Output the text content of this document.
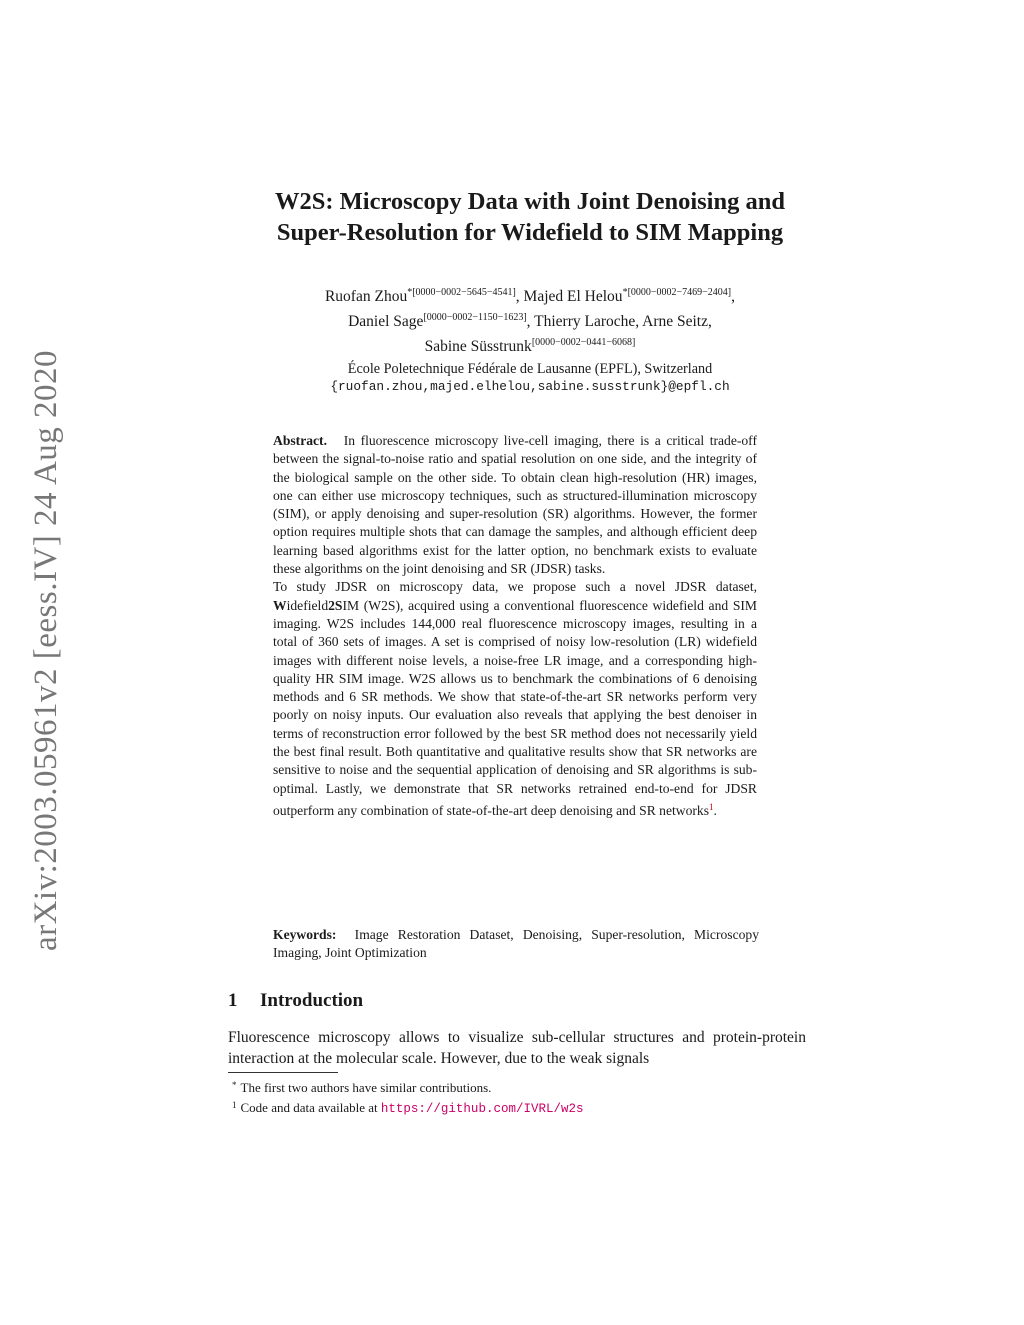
arXiv:2003.05961v2 [eess.IV] 24 Aug 2020
W2S: Microscopy Data with Joint Denoising and
Super-Resolution for Widefield to SIM Mapping
Ruofan Zhou$^{*[0000-0002-5645-4541]}$, Majed El Helou$^{*[0000-0002-7469-2404]}$,
Daniel Sage[0000−0002−1150−1623], Thierry Laroche, Arne Seitz,
Sabine Süsstrunk[0000−0002−0441−6068]
École Poletechnique Fédérale de Lausanne (EPFL), Switzerland
{ruofan.zhou,majed.elhelou,sabine.susstrunk}@epfl.ch

Abstract. In fluorescence microscopy live-cell imaging, there is a critical trade-off between the signal-to-noise ratio and spatial resolution on one side, and the integrity of the biological sample on the other side. To obtain clean high-resolution (HR) images, one can either use microscopy techniques, such as structured-illumination microscopy (SIM), or apply denoising and super-resolution (SR) algorithms. However, the former option requires multiple shots that can damage the samples, and although efficient deep learning based algorithms exist for the latter option, no benchmark exists to evaluate these algorithms on the joint denoising and SR (JDSR) tasks.

To study JDSR on microscopy data, we propose such a novel JDSR dataset, Widefield2SIM (W2S), acquired using a conventional fluorescence widefield and SIM imaging. W2S includes 144,000 real fluorescence microscopy images, resulting in a total of 360 sets of images. A set is comprised of noisy low-resolution (LR) widefield images with different noise levels, a noise-free LR image, and a corresponding high-quality HR SIM image. W2S allows us to benchmark the combinations of 6 denoising methods and 6 SR methods. We show that state-of-the-art SR networks perform very poorly on noisy inputs. Our evaluation also reveals that applying the best denoiser in terms of reconstruction error followed by the best SR method does not necessarily yield the best final result. Both quantitative and qualitative results show that SR networks are sensitive to noise and the sequential application of denoising and SR algorithms is sub-optimal. Lastly, we demonstrate that SR networks retrained end-to-end for JDSR outperform any combination of state-of-the-art deep denoising and SR networks$^1$.

Keywords: Image Restoration Dataset, Denoising, Super-resolution, Microscopy Imaging, Joint Optimization
1 Introduction

Fluorescence microscopy allows to visualize sub-cellular structures and protein-protein interaction at the molecular scale. However, due to the weak signals

* The first two authors have similar contributions.
$^1$ Code and data available at https://github.com/IVRL/w2s
